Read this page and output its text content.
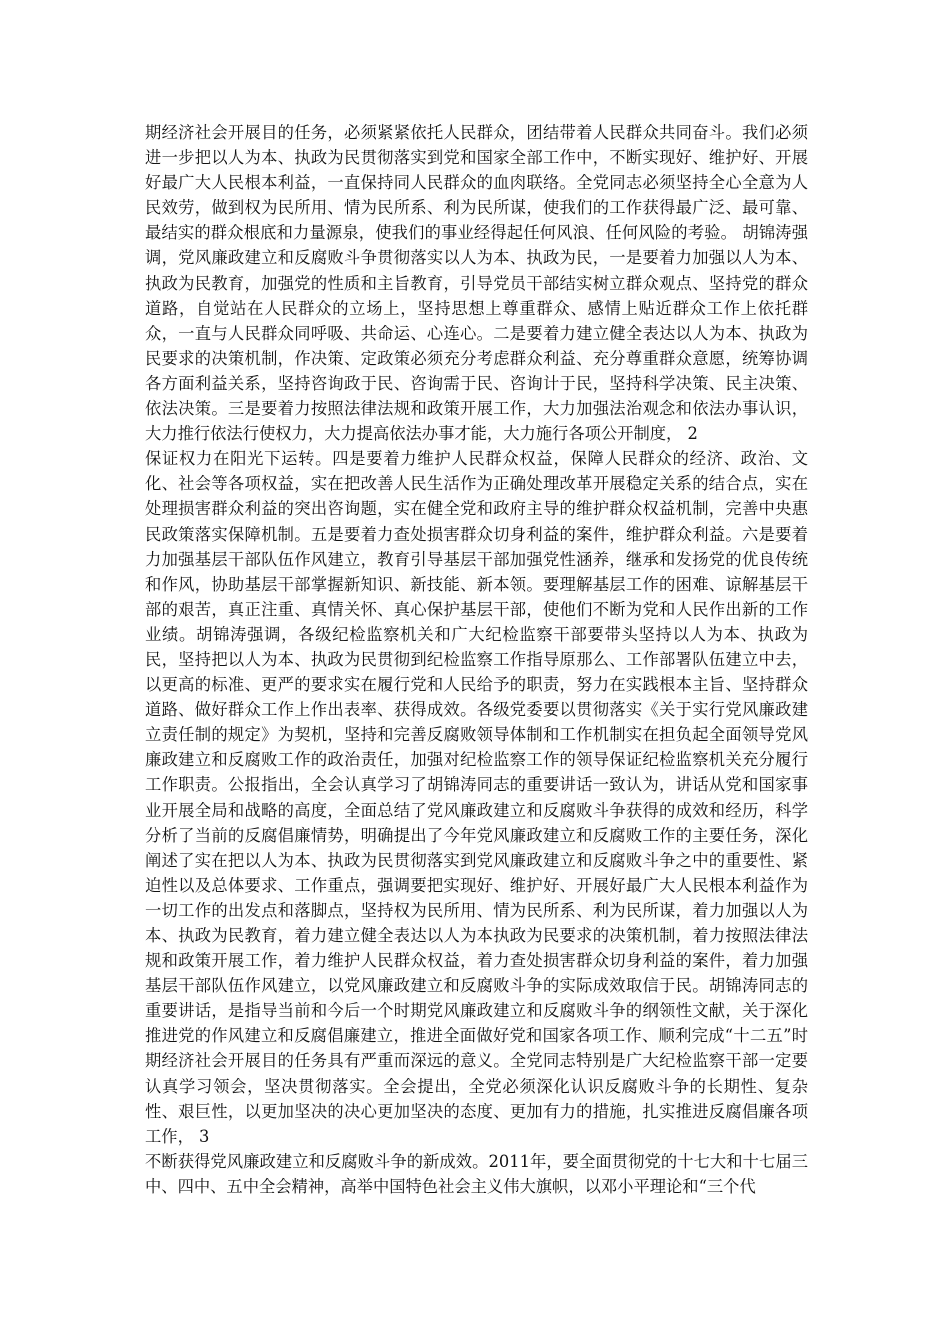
期经济社会开展目的任务，必须紧紧依托人民群众，团结带着人民群众共同奋斗。我们必须进一步把以人为本、执政为民贯彻落实到党和国家全部工作中，不断实现好、维护好、开展好最广大人民根本利益，一直保持同人民群众的血肉联络。全党同志必须坚持全心全意为人民效劳，做到权为民所用、情为民所系、利为民所谋，使我们的工作获得最广泛、最可靠、最结实的群众根底和力量源泉，使我们的事业经得起任何风浪、任何风险的考验。 胡锦涛强调，党风廉政建立和反腐败斗争贯彻落实以人为本、执政为民，一是要着力加强以人为本、执政为民教育，加强党的性质和主旨教育，引导党员干部结实树立群众观点、坚持党的群众道路，自觉站在人民群众的立场上，坚持思想上尊重群众、感情上贴近群众工作上依托群众，一直与人民群众同呼吸、共命运、心连心。二是要着力建立健全表达以人为本、执政为民要求的决策机制，作决策、定政策必须充分考虑群众利益、充分尊重群众意愿，统筹协调各方面利益关系，坚持咨询政于民、咨询需于民、咨询计于民，坚持科学决策、民主决策、依法决策。三是要着力按照法律法规和政策开展工作，大力加强法治观念和依法办事认识，大力推行依法行使权力，大力提高依法办事才能，大力施行各项公开制度， 2

保证权力在阳光下运转。四是要着力维护人民群众权益，保障人民群众的经济、政治、文化、社会等各项权益，实在把改善人民生活作为正确处理改革开展稳定关系的结合点，实在处理损害群众利益的突出咨询题，实在健全党和政府主导的维护群众权益机制，完善中央惠民政策落实保障机制。五是要着力查处损害群众切身利益的案件，维护群众利益。六是要着力加强基层干部队伍作风建立，教育引导基层干部加强党性涵养，继承和发扬党的优良传统和作风，协助基层干部掌握新知识、新技能、新本领。要理解基层工作的困难、谅解基层干部的艰苦，真正注重、真情关怀、真心保护基层干部，使他们不断为党和人民作出新的工作业绩。胡锦涛强调，各级纪检监察机关和广大纪检监察干部要带头坚持以人为本、执政为民，坚持把以人为本、执政为民贯彻到纪检监察工作指导原那么、工作部署队伍建立中去，以更高的标准、更严的要求实在履行党和人民给予的职责，努力在实践根本主旨、坚持群众道路、做好群众工作上作出表率、获得成效。各级党委要以贯彻落实《关于实行党风廉政建立责任制的规定》为契机，坚持和完善反腐败领导体制和工作机制实在担负起全面领导党风廉政建立和反腐败工作的政治责任，加强对纪检监察工作的领导保证纪检监察机关充分履行工作职责。公报指出，全会认真学习了胡锦涛同志的重要讲话一致认为，讲话从党和国家事业开展全局和战略的高度，全面总结了党风廉政建立和反腐败斗争获得的成效和经历，科学分析了当前的反腐倡廉情势，明确提出了今年党风廉政建立和反腐败工作的主要任务，深化阐述了实在把以人为本、执政为民贯彻落实到党风廉政建立和反腐败斗争之中的重要性、紧迫性以及总体要求、工作重点，强调要把实现好、维护好、开展好最广大人民根本利益作为一切工作的出发点和落脚点，坚持权为民所用、情为民所系、利为民所谋，着力加强以人为本、执政为民教育，着力建立健全表达以人为本执政为民要求的决策机制，着力按照法律法规和政策开展工作，着力维护人民群众权益，着力查处损害群众切身利益的案件，着力加强基层干部队伍作风建立，以党风廉政建立和反腐败斗争的实际成效取信于民。胡锦涛同志的重要讲话，是指导当前和今后一个时期党风廉政建立和反腐败斗争的纲领性文献，关于深化推进党的作风建立和反腐倡廉建立，推进全面做好党和国家各项工作、顺利完成“十二五”时期经济社会开展目的任务具有严重而深远的意义。全党同志特别是广大纪检监察干部一定要认真学习领会，坚决贯彻落实。全会提出，全党必须深化认识反腐败斗争的长期性、复杂性、艰巨性，以更加坚决的决心更加坚决的态度、更加有力的措施，扎实推进反腐倡廉各项工作， 3

不断获得党风廉政建立和反腐败斗争的新成效。2011年，要全面贯彻党的十七大和十七届三中、四中、五中全会精神，高举中国特色社会主义伟大旗帜，以邓小平理论和“三个代
